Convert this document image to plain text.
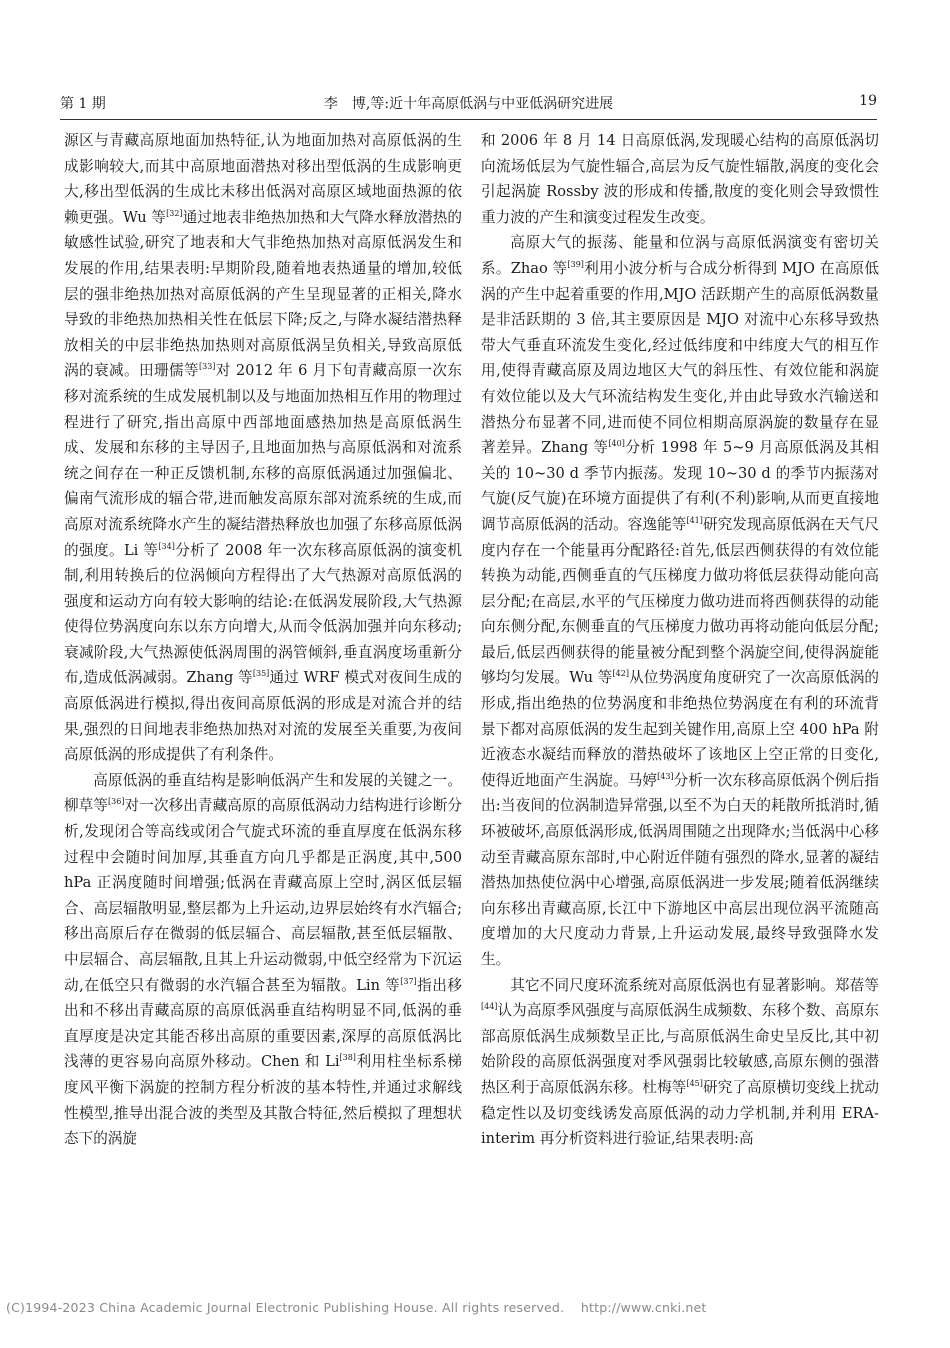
第 1 期	李　博,等:近十年高原低涡与中亚低涡研究进展	19

源区与青藏高原地面加热特征,认为地面加热对高原低涡的生成影响较大,而其中高原地面潜热对移出型低涡的生成影响更大,移出型低涡的生成比未移出低涡对高原区域地面热源的依赖更强。Wu 等[32]通过地表非绝热加热和大气降水释放潜热的敏感性试验,研究了地表和大气非绝热加热对高原低涡发生和发展的作用,结果表明:早期阶段,随着地表热通量的增加,较低层的强非绝热加热对高原低涡的产生呈现显著的正相关,降水导致的非绝热加热相关性在低层下降;反之,与降水凝结潜热释放相关的中层非绝热加热则对高原低涡呈负相关,导致高原低涡的衰减。田珊儒等[33]对 2012 年 6 月下旬青藏高原一次东移对流系统的生成发展机制以及与地面加热相互作用的物理过程进行了研究,指出高原中西部地面感热加热是高原低涡生成、发展和东移的主导因子,且地面加热与高原低涡和对流系统之间存在一种正反馈机制,东移的高原低涡通过加强偏北、偏南气流形成的辐合带,进而触发高原东部对流系统的生成,而高原对流系统降水产生的凝结潜热释放也加强了东移高原低涡的强度。Li 等[34]分析了 2008 年一次东移高原低涡的演变机制,利用转换后的位涡倾向方程得出了大气热源对高原低涡的强度和运动方向有较大影响的结论:在低涡发展阶段,大气热源使得位势涡度向东以东方向增大,从而令低涡加强并向东移动;衰减阶段,大气热源使低涡周围的涡管倾斜,垂直涡度场重新分布,造成低涡减弱。Zhang 等[35]通过 WRF 模式对夜间生成的高原低涡进行模拟,得出夜间高原低涡的形成是对流合并的结果,强烈的日间地表非绝热加热对对流的发展至关重要,为夜间高原低涡的形成提供了有利条件。

高原低涡的垂直结构是影响低涡产生和发展的关键之一。柳草等[36]对一次移出青藏高原的高原低涡动力结构进行诊断分析,发现闭合等高线或闭合气旋式环流的垂直厚度在低涡东移过程中会随时间加厚,其垂直方向几乎都是正涡度,其中,500 hPa 正涡度随时间增强;低涡在青藏高原上空时,涡区低层辐合、高层辐散明显,整层都为上升运动,边界层始终有水汽辐合;移出高原后存在微弱的低层辐合、高层辐散,甚至低层辐散、中层辐合、高层辐散,且其上升运动微弱,中低空经常为下沉运动,在低空只有微弱的水汽辐合甚至为辐散。Lin 等[37]指出移出和不移出青藏高原的高原低涡垂直结构明显不同,低涡的垂直厚度是决定其能否移出高原的重要因素,深厚的高原低涡比浅薄的更容易向高原外移动。Chen 和 Li[38]利用柱坐标系梯度风平衡下涡旋的控制方程分析波的基本特性,并通过求解线性模型,推导出混合波的类型及其散合特征,然后模拟了理想状态下的涡旋

和 2006 年 8 月 14 日高原低涡,发现暖心结构的高原低涡切向流场低层为气旋性辐合,高层为反气旋性辐散,涡度的变化会引起涡旋 Rossby 波的形成和传播,散度的变化则会导致惯性重力波的产生和演变过程发生改变。

高原大气的振荡、能量和位涡与高原低涡演变有密切关系。Zhao 等[39]利用小波分析与合成分析得到 MJO 在高原低涡的产生中起着重要的作用,MJO 活跃期产生的高原低涡数量是非活跃期的 3 倍,其主要原因是 MJO 对流中心东移导致热带大气垂直环流发生变化,经过低纬度和中纬度大气的相互作用,使得青藏高原及周边地区大气的斜压性、有效位能和涡旋有效位能以及大气环流结构发生变化,并由此导致水汽输送和潜热分布显著不同,进而使不同位相期高原涡旋的数量存在显著差异。Zhang 等[40]分析 1998 年 5~9 月高原低涡及其相关的 10~30 d 季节内振荡。发现 10~30 d 的季节内振荡对气旋(反气旋)在环境方面提供了有利(不利)影响,从而更直接地调节高原低涡的活动。容逸能等[41]研究发现高原低涡在天气尺度内存在一个能量再分配路径:首先,低层西侧获得的有效位能转换为动能,西侧垂直的气压梯度力做功将低层获得动能向高层分配;在高层,水平的气压梯度力做功进而将西侧获得的动能向东侧分配,东侧垂直的气压梯度力做功再将动能向低层分配;最后,低层西侧获得的能量被分配到整个涡旋空间,使得涡旋能够均匀发展。Wu 等[42]从位势涡度角度研究了一次高原低涡的形成,指出绝热的位势涡度和非绝热位势涡度在有利的环流背景下都对高原低涡的发生起到关键作用,高原上空 400 hPa 附近液态水凝结而释放的潜热破坏了该地区上空正常的日变化,使得近地面产生涡旋。马婷[43]分析一次东移高原低涡个例后指出:当夜间的位涡制造异常强,以至不为白天的耗散所抵消时,循环被破坏,高原低涡形成,低涡周围随之出现降水;当低涡中心移动至青藏高原东部时,中心附近伴随有强烈的降水,显著的凝结潜热加热使位涡中心增强,高原低涡进一步发展;随着低涡继续向东移出青藏高原,长江中下游地区中高层出现位涡平流随高度增加的大尺度动力背景,上升运动发展,最终导致强降水发生。

其它不同尺度环流系统对高原低涡也有显著影响。郑蓓等[44]认为高原季风强度与高原低涡生成频数、东移个数、高原东部高原低涡生成频数呈正比,与高原低涡生命史呈反比,其中初始阶段的高原低涡强度对季风强弱比较敏感,高原东侧的强潜热区利于高原低涡东移。杜梅等[45]研究了高原横切变线上扰动稳定性以及切变线诱发高原低涡的动力学机制,并利用 ERA-interim 再分析资料进行验证,结果表明:高

(C)1994-2023 China Academic Journal Electronic Publishing House. All rights reserved.    http://www.cnki.net
